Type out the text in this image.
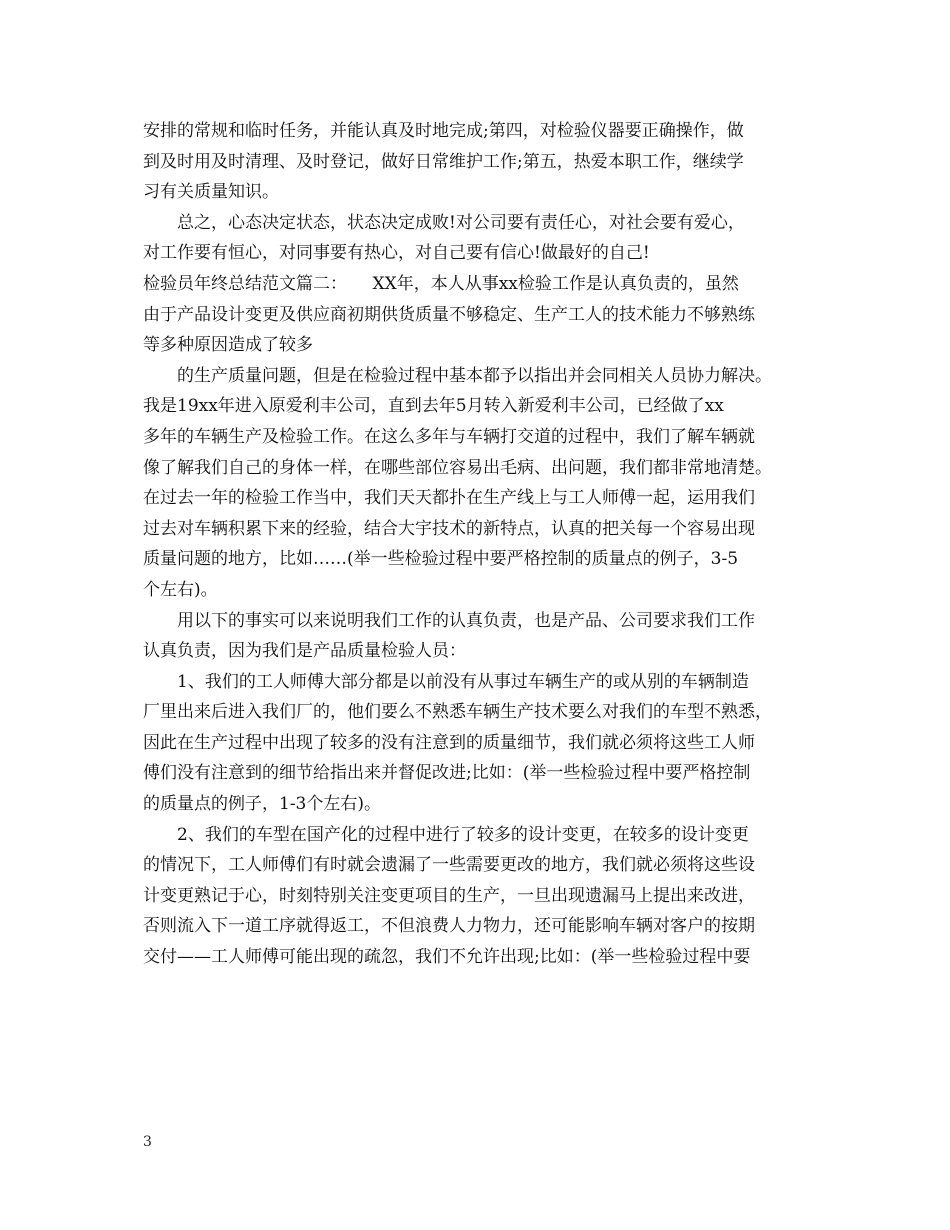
安排的常规和临时任务，并能认真及时地完成;第四，对检验仪器要正确操作，做
到及时用及时清理、及时登记，做好日常维护工作;第五，热爱本职工作，继续学
习有关质量知识。
总之，心态决定状态，状态决定成败!对公司要有责任心，对社会要有爱心，
对工作要有恒心，对同事要有热心，对自己要有信心!做最好的自己!
检验员年终总结范文篇二：　　XX年，本人从事xx检验工作是认真负责的，虽然
由于产品设计变更及供应商初期供货质量不够稳定、生产工人的技术能力不够熟练
等多种原因造成了较多
的生产质量问题，但是在检验过程中基本都予以指出并会同相关人员协力解决。
我是19xx年进入原爱利丰公司，直到去年5月转入新爱利丰公司，已经做了xx
多年的车辆生产及检验工作。在这么多年与车辆打交道的过程中，我们了解车辆就
像了解我们自己的身体一样，在哪些部位容易出毛病、出问题，我们都非常地清楚。
在过去一年的检验工作当中，我们天天都扑在生产线上与工人师傅一起，运用我们
过去对车辆积累下来的经验，结合大宇技术的新特点，认真的把关每一个容易出现
质量问题的地方，比如……(举一些检验过程中要严格控制的质量点的例子，3-5
个左右)。
用以下的事实可以来说明我们工作的认真负责，也是产品、公司要求我们工作
认真负责，因为我们是产品质量检验人员：
1、我们的工人师傅大部分都是以前没有从事过车辆生产的或从别的车辆制造
厂里出来后进入我们厂的，他们要么不熟悉车辆生产技术要么对我们的车型不熟悉，
因此在生产过程中出现了较多的没有注意到的质量细节，我们就必须将这些工人师
傅们没有注意到的细节给指出来并督促改进;比如：(举一些检验过程中要严格控制
的质量点的例子，1-3个左右)。
2、我们的车型在国产化的过程中进行了较多的设计变更，在较多的设计变更
的情况下，工人师傅们有时就会遗漏了一些需要更改的地方，我们就必须将这些设
计变更熟记于心，时刻特别关注变更项目的生产，一旦出现遗漏马上提出来改进，
否则流入下一道工序就得返工，不但浪费人力物力，还可能影响车辆对客户的按期
交付——工人师傅可能出现的疏忽，我们不允许出现;比如：(举一些检验过程中要
3
